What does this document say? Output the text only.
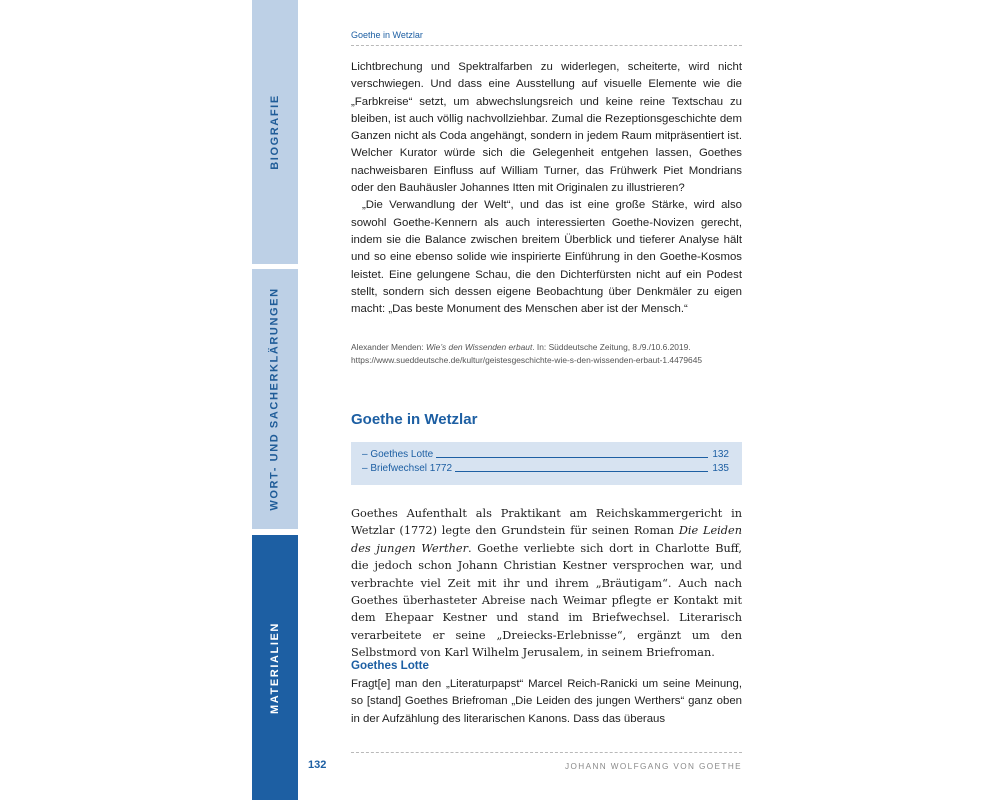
BIOGRAFIE
WORT- UND SACHERKLÄRUNGEN
MATERIALIEN
Goethe in Wetzlar

Lichtbrechung und Spektralfarben zu widerlegen, scheiterte, wird nicht verschwiegen. Und dass eine Ausstellung auf visuelle Elemente wie die „Farbkreise“ setzt, um abwechslungsreich und keine reine Textschau zu bleiben, ist auch völlig nachvollziehbar. Zumal die Rezeptionsgeschichte dem Ganzen nicht als Coda angehängt, sondern in jedem Raum mitpräsentiert ist. Welcher Kurator würde sich die Gelegenheit entgehen lassen, Goethes nachweisbaren Einfluss auf William Turner, das Frühwerk Piet Mondrians oder den Bauhäusler Johannes Itten mit Originalen zu illustrieren?

„Die Verwandlung der Welt“, und das ist eine große Stärke, wird also sowohl Goethe-Kennern als auch interessierten Goethe-Novizen gerecht, indem sie die Balance zwischen breitem Überblick und tieferer Analyse hält und so eine ebenso solide wie inspirierte Einführung in den Goethe-Kosmos leistet. Eine gelungene Schau, die den Dichterfürsten nicht auf ein Podest stellt, sondern sich dessen eigene Beobachtung über Denkmäler zu eigen macht: „Das beste Monument des Menschen aber ist der Mensch.“

Alexander Menden: Wie’s den Wissenden erbaut. In: Süddeutsche Zeitung, 8./9./10.6.2019.
https://www.sueddeutsche.de/kultur/geistesgeschichte-wie-s-den-wissenden-erbaut-1.4479645
Goethe in Wetzlar
– Goethes Lotte	132
– Briefwechsel 1772	135
Goethes Aufenthalt als Praktikant am Reichskammergericht in Wetzlar (1772) legte den Grundstein für seinen Roman Die Leiden des jungen Werther. Goethe verliebte sich dort in Charlotte Buff, die jedoch schon Johann Christian Kestner versprochen war, und verbrachte viel Zeit mit ihr und ihrem „Bräutigam“. Auch nach Goethes überhasteter Abreise nach Weimar pflegte er Kontakt mit dem Ehepaar Kestner und stand im Briefwechsel. Literarisch verarbeitete er seine „Dreiecks-Erlebnisse“, ergänzt um den Selbstmord von Karl Wilhelm Jerusalem, in seinem Briefroman.
Goethes Lotte
Fragt[e] man den „Literaturpapst“ Marcel Reich-Ranicki um seine Meinung, so [stand] Goethes Briefroman „Die Leiden des jungen Werthers“ ganz oben in der Aufzählung des literarischen Kanons. Dass das überaus
132	JOHANN WOLFGANG VON GOETHE
